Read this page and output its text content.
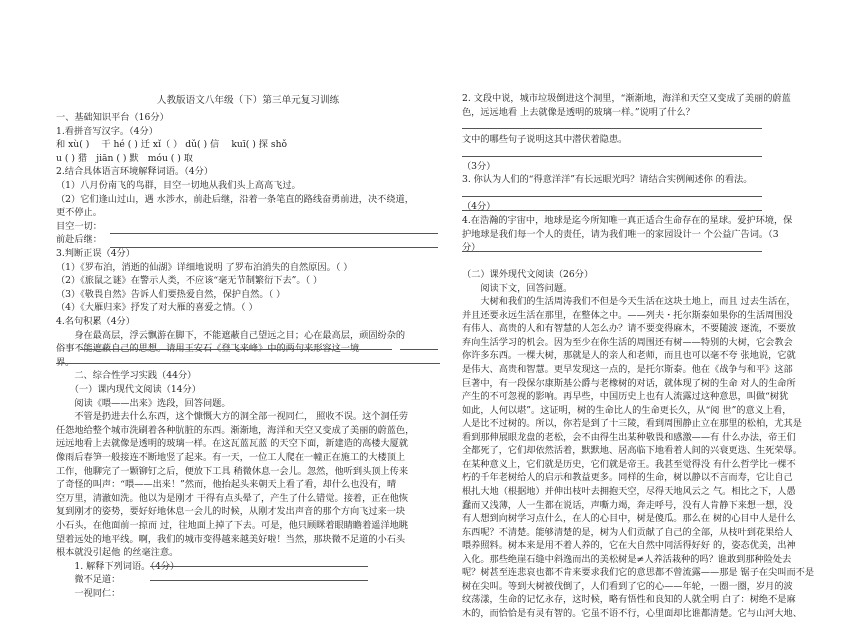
人教版语文八年级（下）第三单元复习训练
一、基础知识平台（16分）
1.看拼音写汉字。（4分）
和 xù( ) 　干 hé ( ) 迁 xǐ（ ） dǔ( ) 信　 kuī( ) 探 shǒ
u ( ) 猎　jiān ( ) 默　móu ( ) 取
2.结合具体语言环境解释词语。（4分）
（1）八月份南飞的鸟群，目空一切地从我们头上高高飞过。
（2）它们逢山过山，遇 水涉水，前赴后继，沿着一条笔直的路线奋勇前进，决不绕道，
更不停止。
目空一切：
前赴后继：
3.判断正误（4分）
（1）《罗布泊，消逝的仙湖》详细地说明 了罗布泊消失的自然原因。（ ）
（2）《旅鼠之谜》在警示人类，不应该“毫无节制繁衍下去”。（ ）
（3）《敬畏自然》告诉人们要热爱自然，保护自然。（ ）
（4）《大雁归来》抒发了对大雁的喜爱之情。（ ）
4.名句积累（4分）
　　身在最高层，浮云飘游在脚下，不能遮蔽自己望远之目；心在最高层，顽固纷杂的
俗事不能遮蔽自己的思想。请用王安石《登飞来峰》中的两句来形容这一境
界。
　　二、综合性学习实践（44分）
　　（一）课内现代文阅读（14分）
　　阅读《喂——出来》选段，回答问题。
　　不管是扔进去什么东西，这个慷慨大方的洞全部一视同仁， 照收不误。这个洞任劳
任怨地给整个城市洗刷着各种肮脏的东西。渐渐地，海洋和天空又变成了美丽的蔚蓝色，
远远地看上去就像是透明的玻璃一样。在这瓦蓝瓦蓝 的天空下面，新建造的高楼大厦就
像雨后春笋一般接连不断地竖了起来。有一天，一位工人爬在一幢正在施工的大楼顶上
工作，他聊完了一颗铆钉之后，便放下工具 稍微休息一会儿。忽然，他听到头顶上传来
了奇怪的叫声：“喂——出来！”然而，他抬起头来朝天上看了看，却什么也没有，晴
空万里，清澈如洗。他以为是刚才 干得有点头晕了，产生了什么错觉。接着，正在他恢
复到刚才的姿势，要好好地休息一会儿的时候，从刚才发出声音的那个方向飞过来一块
小石头，在他面前一掠而 过，往地面上掉了下去。可是，他只顾眯着眼睛瞻着遥洋地眺
望着远处的地平线。啊，我们的城市变得越来越美好啦！当然，那块微不足道的小石头
根本就没引起他 的丝毫注意。
　　1. 解释下列词语。（4分）
　　微不足道：
　　一视同仁：
2. 文段中说，城市垃圾倒进这个洞里，“渐渐地，海洋和天空又变成了美丽的蔚蓝
色，远远地看 上去就像是透明的玻璃一样。”说明了什么？
文中的哪些句子说明这其中潜伏着隐患。
（3分）
3. 你认为人们的“得意洋洋”有长远眼光吗？请结合实例阐述你 的看法。
（4分）
4.在浩瀚的宇宙中，地球是迄今所知唯一真正适合生命存在的星球。爱护环境，保
护地球是我们每一个人的责任，请为我们唯一的家园设计一 个公益广告词。（3
分）
（二）课外现代文阅读（26分）
　　阅读下文，回答问题。
　　大树和我们的生活周涛我们不但是今天生活在这块土地上，而且 过去生活在，
并且还要永远生活在那里，在整体之中。——列夫・托尔斯泰如果你的生活周围没
有伟人、高贵的人和有智慧的人怎么办？请不要变得麻木，不要随波 逐流，不要放
弃向生活学习的机会。因为至少在你生活的周围还有树——特别的大树，它会教会
你许多东西。一棵大树，那就是人的亲人和老师，而且也可以毫不夸 张地说，它就
是伟大、高贵和智慧。更早发现这一点的，是托尔斯泰。他在《战争与和平》这部
巨著中，有一段保尔康斯基公爵与老橡树的对话，就体现了树的生命 对人的生命所
产生的不可忽视的影响。再早些，中国历史上也有人流露过这种意思，叫做“树犹
如此，人何以堪”。这证明，树的生命比人的生命更长久，从“阅 世”的意义上看，
人是比不过树的。所以，你若是到了十三陵，看到周围静止立在那里的松柏，尤其是
看到那伸展眼龙盘的老松，会不由得生出某种敬畏和感激——有 什么办法，帝王们
全都死了，它们却依然活着，默默地、居高临下地看着人间的兴衰更迭、生死荣辱。
在某种意义上，它们就是历史，它们就是帝王。我甚至觉得没 有什么哲学比一棵不
朽的千年老树给人的启示和教益更多。同样的生命，树以静以不言而寿，它让自己
根扎大地（根据地）并伸出枝叶去拥抱天空，尽得天地风云之 气。相比之下，人愚
蠢而又浅薄，人一生都在说话，声嘶力竭，奔走呼号，没有人肯静下来想一想，没
有人想到向树学习点什么，在人的心目中，树是傻瓜。那么在 树的心目中人是什么
东西呢？不清楚。能够清楚的是，树为人们贡献了自己的全部，从枝叶到花果给人
喂养照料。树本来是用不着人养的，它在大自然中同活得好好 的，姿态优美，出神
入化。那些绝崖石缝中斜逸而出的美松树是≠人养活栽种的吗？谁敢到那种险处去
呢？树甚至连悲哀也都不肯来要求我们它的意思都不曾流露——那是 锯子在尖叫而不是
树在尖叫。等到大树被伐倒了，人们看到了它的心——年轮，一圈一圈，岁月的波
纹荡漾，生命的记忆永存，这时候，略有悟性和良知的人就全明 白了：树绝不是麻
木的，而恰恰是有灵有智的。它虽不语不行，心里面却比谁都清楚。它与山河大地、
